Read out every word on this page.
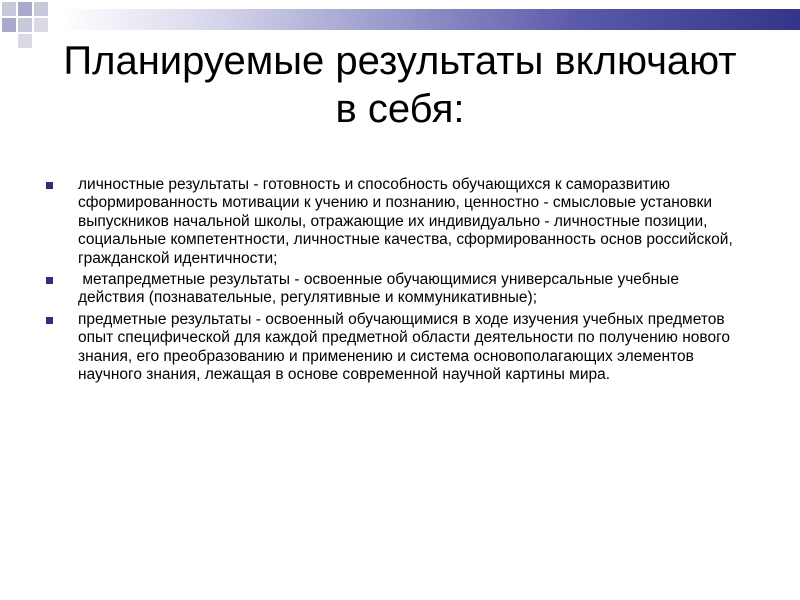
Планируемые результаты включают в себя:
личностные результаты - готовность и способность обучающихся к саморазвитию сформированность мотивации к учению и познанию, ценностно - смысловые установки выпускников начальной школы, отражающие их индивидуально - личностные позиции, социальные компетентности, личностные качества, сформированность основ российской, гражданской идентичности;
метапредметные результаты - освоенные обучающимися универсальные учебные действия (познавательные, регулятивные и коммуникативные);
предметные результаты - освоенный обучающимися в ходе изучения учебных предметов опыт специфической для каждой предметной области деятельности по получению нового знания, его преобразованию и применению и система основополагающих элементов научного знания, лежащая в основе современной научной картины мира.
